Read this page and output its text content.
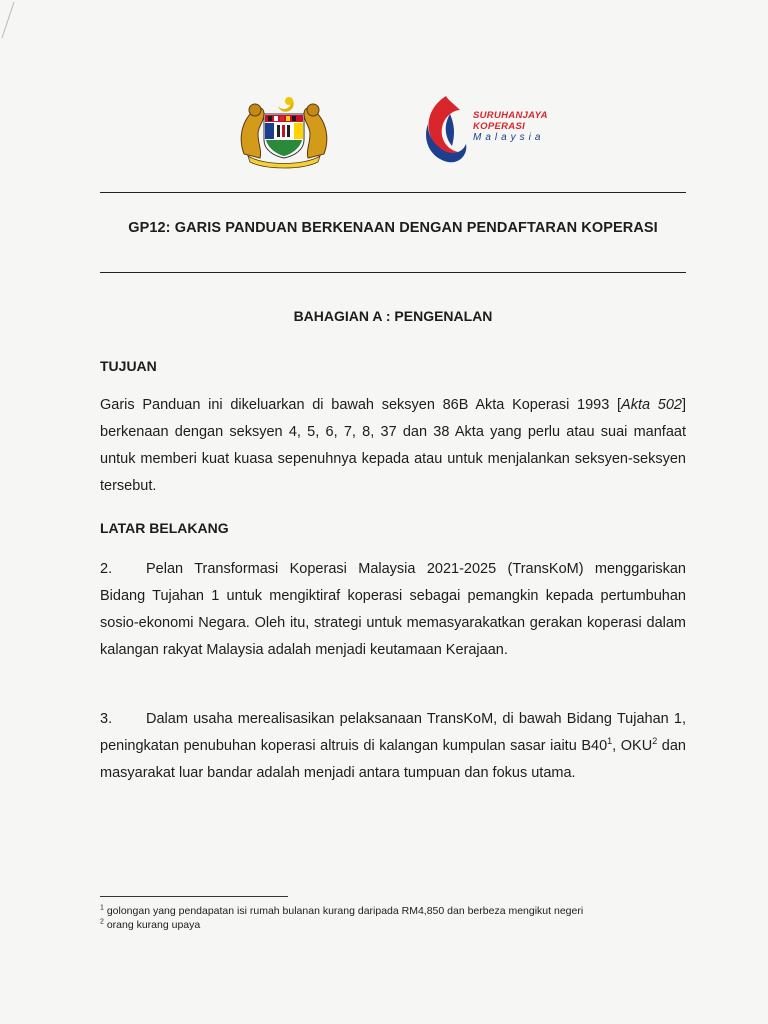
SURUHANJAYA
KOPERASI
Malaysia
GP12: GARIS PANDUAN BERKENAAN DENGAN PENDAFTARAN KOPERASI
BAHAGIAN A : PENGENALAN
TUJUAN
Garis Panduan ini dikeluarkan di bawah seksyen 86B Akta Koperasi 1993 [Akta 502] berkenaan dengan seksyen 4, 5, 6, 7, 8, 37 dan 38 Akta yang perlu atau suai manfaat untuk memberi kuat kuasa sepenuhnya kepada atau untuk menjalankan seksyen-seksyen tersebut.
LATAR BELAKANG
2. Pelan Transformasi Koperasi Malaysia 2021-2025 (TransKoM) menggariskan Bidang Tujahan 1 untuk mengiktiraf koperasi sebagai pemangkin kepada pertumbuhan sosio-ekonomi Negara. Oleh itu, strategi untuk memasyarakatkan gerakan koperasi dalam kalangan rakyat Malaysia adalah menjadi keutamaan Kerajaan.
3. Dalam usaha merealisasikan pelaksanaan TransKoM, di bawah Bidang Tujahan 1, peningkatan penubuhan koperasi altruis di kalangan kumpulan sasar iaitu $B40^1$, OKU$^2$ dan masyarakat luar bandar adalah menjadi antara tumpuan dan fokus utama.
$^1$ golongan yang pendapatan isi rumah bulanan kurang daripada RM4,850 dan berbeza mengikut negeri
$^2$ orang kurang upaya
